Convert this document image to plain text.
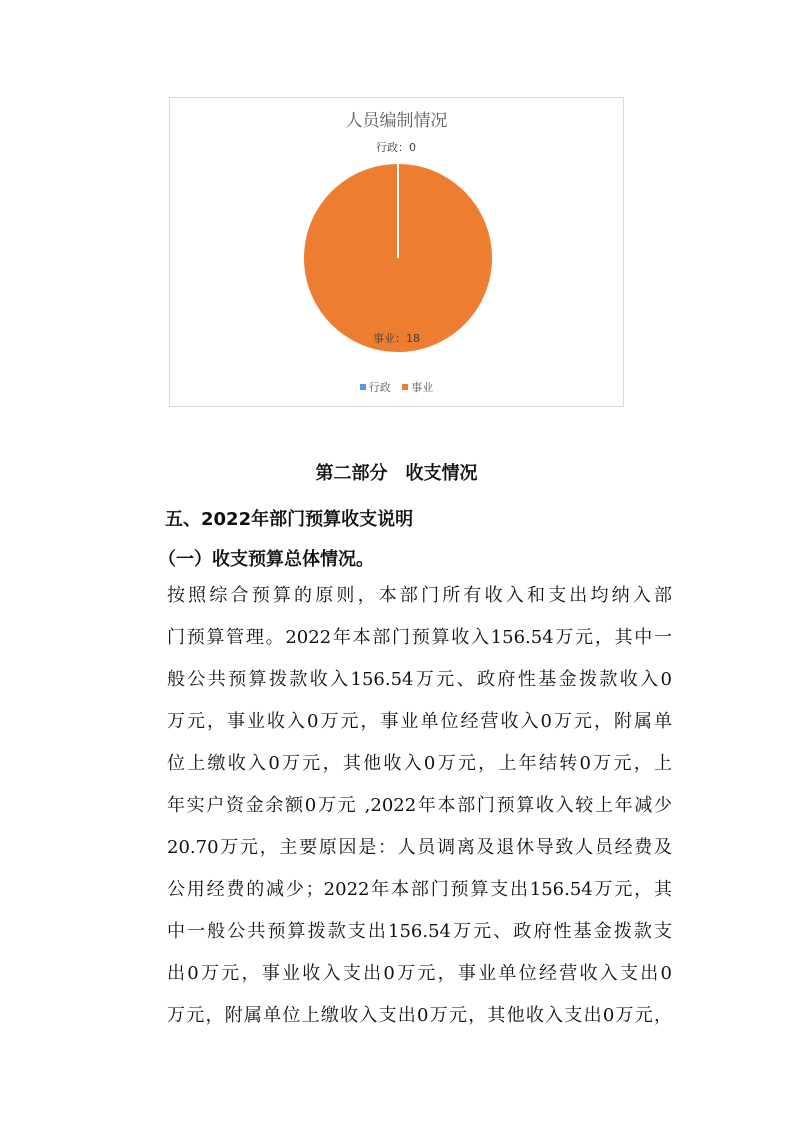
人员编制情况
行政：0
事业：18
行政 事业
第二部分　收支情况
五、2022年部门预算收支说明
（一）收支预算总体情况。
按照综合预算的原则，本部门所有收入和支出均纳入部
门预算管理。2022年本部门预算收入156.54万元，其中一
般公共预算拨款收入156.54万元、政府性基金拨款收入0
万元，事业收入0万元，事业单位经营收入0万元，附属单
位上缴收入0万元，其他收入0万元，上年结转0万元，上
年实户资金余额0万元 ,2022年本部门预算收入较上年减少
20.70万元，主要原因是：人员调离及退休导致人员经费及
公用经费的减少；2022年本部门预算支出156.54万元，其
中一般公共预算拨款支出156.54万元、政府性基金拨款支
出0万元，事业收入支出0万元，事业单位经营收入支出0
万元，附属单位上缴收入支出0万元，其他收入支出0万元，
